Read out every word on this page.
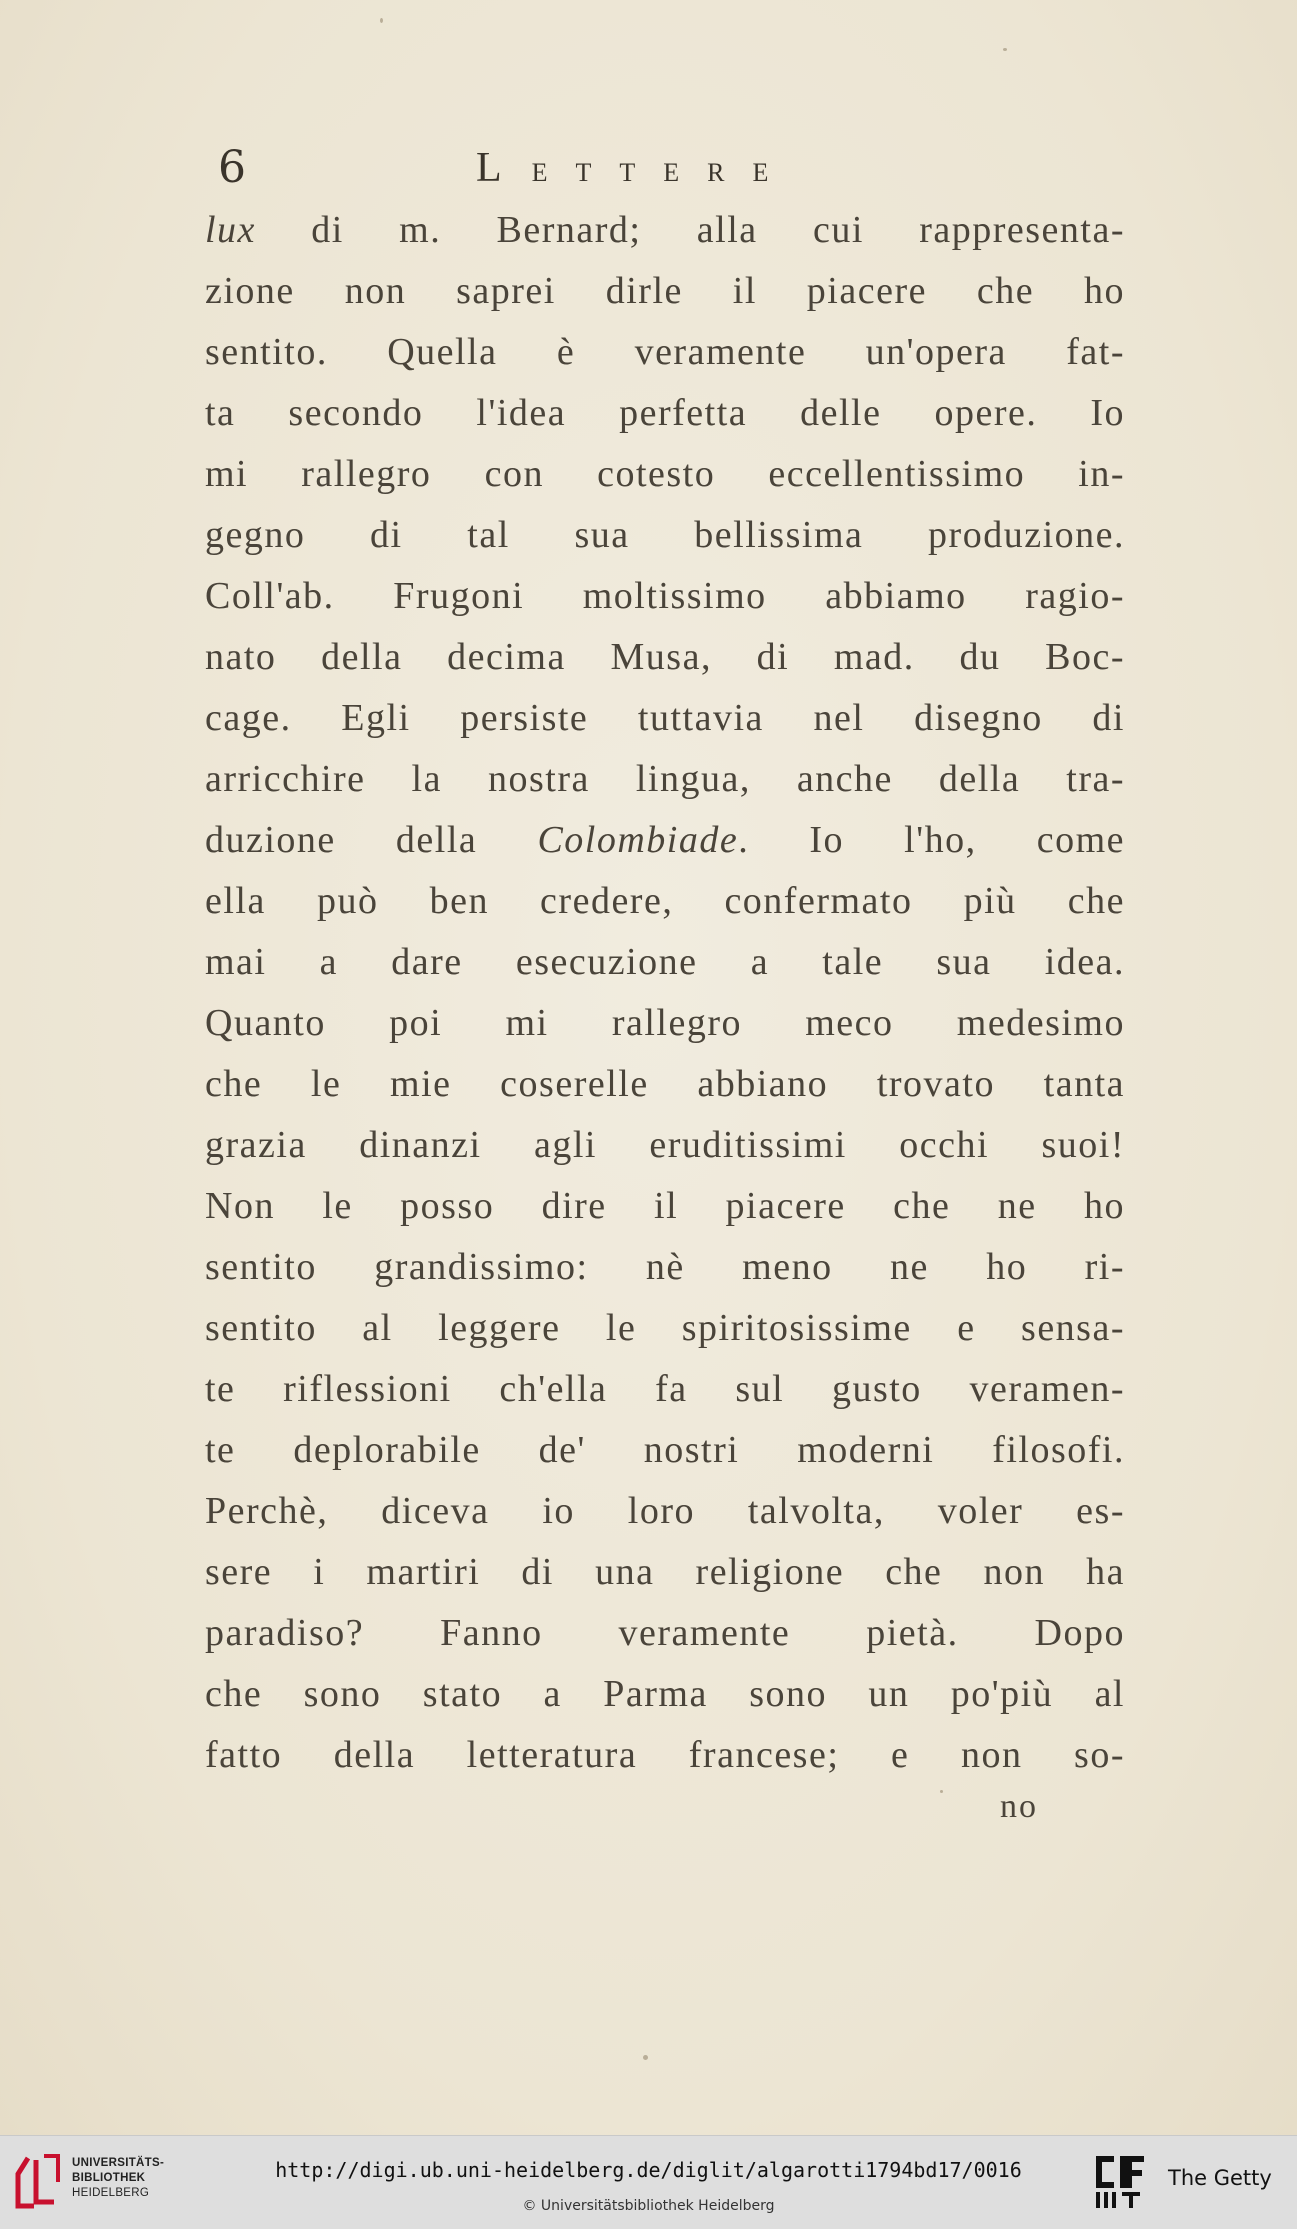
6	L ETTERE
lux di m. Bernard; alla cui rappresenta-
zione non saprei dirle il piacere che ho
sentito. Quella è veramente un'opera fat-
ta secondo l'idea perfetta delle opere. Io
mi rallegro con cotesto eccellentissimo in-
gegno di tal sua bellissima produzione.
Coll'ab. Frugoni moltissimo abbiamo ragio-
nato della decima Musa, di mad. du Boc-
cage. Egli persiste tuttavia nel disegno di
arricchire la nostra lingua, anche della tra-
duzione della Colombiade. Io l'ho, come
ella può ben credere, confermato più che
mai a dare esecuzione a tale sua idea.
Quanto poi mi rallegro meco medesimo
che le mie coserelle abbiano trovato tanta
grazia dinanzi agli eruditissimi occhi suoi!
Non le posso dire il piacere che ne ho
sentito grandissimo: nè meno ne ho ri-
sentito al leggere le spiritosissime e sensa-
te riflessioni ch'ella fa sul gusto veramen-
te deplorabile de' nostri moderni filosofi.
Perchè, diceva io loro talvolta, voler es-
sere i martiri di una religione che non ha
paradiso? Fanno veramente pietà. Dopo
che sono stato a Parma sono un po'più al
fatto della letteratura francese; e non so-
no
UNIVERSITÄTS-
BIBLIOTHEK
HEIDELBERG
http://digi.ub.uni-heidelberg.de/diglit/algarotti1794bd17/0016
© Universitätsbibliothek Heidelberg
The Getty
